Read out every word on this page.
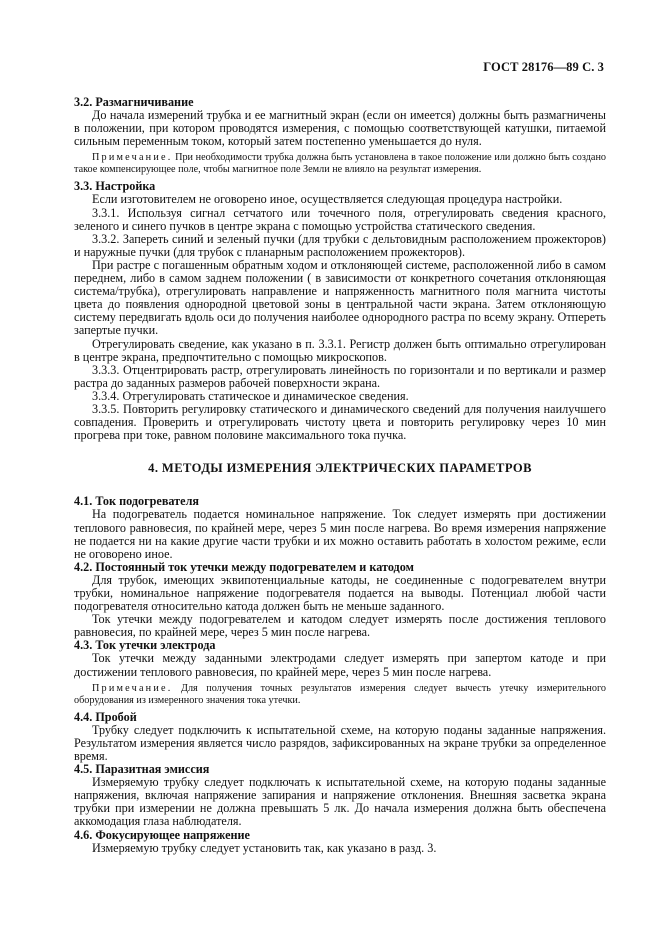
ГОСТ 28176—89 С. 3
3.2. Размагничивание

До начала измерений трубка и ее магнитный экран (если он имеется) должны быть размагничены в положении, при котором проводятся измерения, с помощью соответствующей катушки, питаемой сильным переменным током, который затем постепенно уменьшается до нуля.

Примечание. При необходимости трубка должна быть установлена в такое положение или должно быть создано такое компенсирующее поле, чтобы магнитное поле Земли не влияло на результат измерения.
3.3. Настройка

Если изготовителем не оговорено иное, осуществляется следующая процедура настройки.

3.3.1. Используя сигнал сетчатого или точечного поля, отрегулировать сведения красного, зеленого и синего пучков в центре экрана с помощью устройства статического сведения.

3.3.2. Запереть синий и зеленый пучки (для трубки с дельтовидным расположением прожекторов) и наружные пучки (для трубок с планарным расположением прожекторов).

При растре с погашенным обратным ходом и отклоняющей системе, расположенной либо в самом переднем, либо в самом заднем положении ( в зависимости от конкретного сочетания отклоняющая система/трубка), отрегулировать направление и напряженность магнитного поля магнита чистоты цвета до появления однородной цветовой зоны в центральной части экрана. Затем отклоняющую систему передвигать вдоль оси до получения наиболее однородного растра по всему экрану. Отпереть запертые пучки.

Отрегулировать сведение, как указано в п. 3.3.1. Регистр должен быть оптимально отрегулирован в центре экрана, предпочтительно с помощью микроскопов.

3.3.3. Отцентрировать растр, отрегулировать линейность по горизонтали и по вертикали и размер растра до заданных размеров рабочей поверхности экрана.

3.3.4. Отрегулировать статическое и динамическое сведения.

3.3.5. Повторить регулировку статического и динамического сведений для получения наилучшего совпадения. Проверить и отрегулировать чистоту цвета и повторить регулировку через 10 мин прогрева при токе, равном половине максимального тока пучка.

4. МЕТОДЫ ИЗМЕРЕНИЯ ЭЛЕКТРИЧЕСКИХ ПАРАМЕТРОВ
4.1. Ток подогревателя

На подогреватель подается номинальное напряжение. Ток следует измерять при достижении теплового равновесия, по крайней мере, через 5 мин после нагрева. Во время измерения напряжение не подается ни на какие другие части трубки и их можно оставить работать в холостом режиме, если не оговорено иное.

4.2. Постоянный ток утечки между подогревателем и катодом

Для трубок, имеющих эквипотенциальные катоды, не соединенные с подогревателем внутри трубки, номинальное напряжение подогревателя подается на выводы. Потенциал любой части подогревателя относительно катода должен быть не меньше заданного.

Ток утечки между подогревателем и катодом следует измерять после достижения теплового равновесия, по крайней мере, через 5 мин после нагрева.

4.3. Ток утечки электрода

Ток утечки между заданными электродами следует измерять при запертом катоде и при достижении теплового равновесия, по крайней мере, через 5 мин после нагрева.

Примечание. Для получения точных результатов измерения следует вычесть утечку измерительного оборудования из измеренного значения тока утечки.
4.4. Пробой

Трубку следует подключить к испытательной схеме, на которую поданы заданные напряжения. Результатом измерения является число разрядов, зафиксированных на экране трубки за определенное время.

4.5. Паразитная эмиссия

Измеряемую трубку следует подключать к испытательной схеме, на которую поданы заданные напряжения, включая напряжение запирания и напряжение отклонения. Внешняя засветка экрана трубки при измерении не должна превышать 5 лк. До начала измерения должна быть обеспечена аккомодация глаза наблюдателя.

4.6. Фокусирующее напряжение

Измеряемую трубку следует установить так, как указано в разд. 3.
